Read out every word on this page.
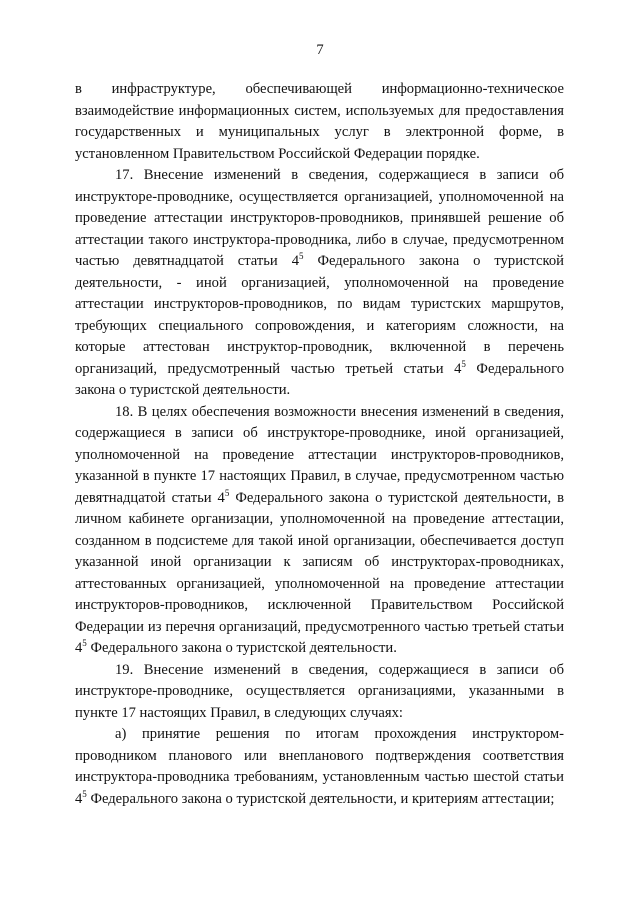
7

в инфраструктуре, обеспечивающей информационно-техническое взаимодействие информационных систем, используемых для предоставления государственных и муниципальных услуг в электронной форме, в установленном Правительством Российской Федерации порядке.

17. Внесение изменений в сведения, содержащиеся в записи об инструкторе-проводнике, осуществляется организацией, уполномоченной на проведение аттестации инструкторов-проводников, принявшей решение об аттестации такого инструктора-проводника, либо в случае, предусмотренном частью девятнадцатой статьи $4^5$ Федерального закона о туристской деятельности, - иной организацией, уполномоченной на проведение аттестации инструкторов-проводников, по видам туристских маршрутов, требующих специального сопровождения, и категориям сложности, на которые аттестован инструктор-проводник, включенной в перечень организаций, предусмотренный частью третьей статьи $4^5$ Федерального закона о туристской деятельности.

18. В целях обеспечения возможности внесения изменений в сведения, содержащиеся в записи об инструкторе-проводнике, иной организацией, уполномоченной на проведение аттестации инструкторов-проводников, указанной в пункте 17 настоящих Правил, в случае, предусмотренном частью девятнадцатой статьи $4^5$ Федерального закона о туристской деятельности, в личном кабинете организации, уполномоченной на проведение аттестации, созданном в подсистеме для такой иной организации, обеспечивается доступ указанной иной организации к записям об инструкторах-проводниках, аттестованных организацией, уполномоченной на проведение аттестации инструкторов-проводников, исключенной Правительством Российской Федерации из перечня организаций, предусмотренного частью третьей статьи $4^5$ Федерального закона о туристской деятельности.

19. Внесение изменений в сведения, содержащиеся в записи об инструкторе-проводнике, осуществляется организациями, указанными в пункте 17 настоящих Правил, в следующих случаях:

а) принятие решения по итогам прохождения инструктором-проводником планового или внепланового подтверждения соответствия инструктора-проводника требованиям, установленным частью шестой статьи $4^5$ Федерального закона о туристской деятельности, и критериям аттестации;
